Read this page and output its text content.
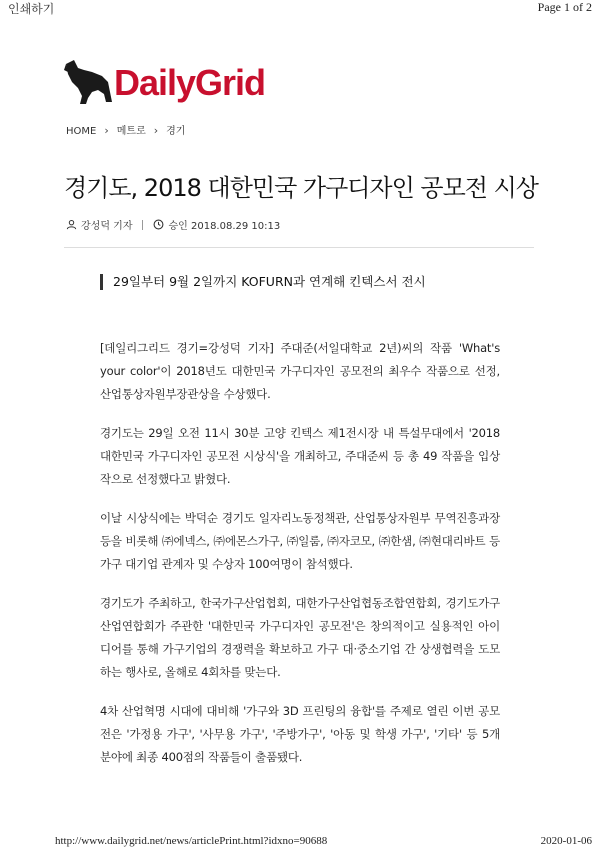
인쇄하기	Page 1 of 2
DailyGrid
HOME › 메트로 › 경기
경기도, 2018 대한민국 가구디자인 공모전 시상
강성덕 기자	승인 2018.08.29 10:13
29일부터 9월 2일까지 KOFURN과 연계해 킨텍스서 전시

[데일리그리드 경기=강성덕 기자] 주대준(서일대학교 2년)씨의 작품 'What's your color'이 2018년도 대한민국 가구디자인 공모전의 최우수 작품으로 선정, 산업통상자원부장관상을 수상했다.

경기도는 29일 오전 11시 30분 고양 킨텍스 제1전시장 내 특설무대에서 '2018 대한민국 가구디자인 공모전 시상식'을 개최하고, 주대준씨 등 총 49 작품을 입상작으로 선정했다고 밝혔다.

이날 시상식에는 박덕순 경기도 일자리노동정책관, 산업통상자원부 무역진흥과장 등을 비롯해 ㈜에넥스, ㈜에몬스가구, ㈜일룸, ㈜자코모, ㈜한샘, ㈜현대리바트 등 가구 대기업 관계자 및 수상자 100여명이 참석했다.

경기도가 주최하고, 한국가구산업협회, 대한가구산업협동조합연합회, 경기도가구산업연합회가 주관한 '대한민국 가구디자인 공모전'은 창의적이고 실용적인 아이디어를 통해 가구기업의 경쟁력을 확보하고 가구 대·중소기업 간 상생협력을 도모하는 행사로, 올해로 4회차를 맞는다.

4차 산업혁명 시대에 대비해 '가구와 3D 프린팅의 융합'를 주제로 열린 이번 공모전은 '가정용 가구', '사무용 가구', '주방가구', '아동 및 학생 가구', '기타' 등 5개 분야에 최종 400점의 작품들이 출품됐다.

http://www.dailygrid.net/news/articlePrint.html?idxno=90688	2020-01-06
